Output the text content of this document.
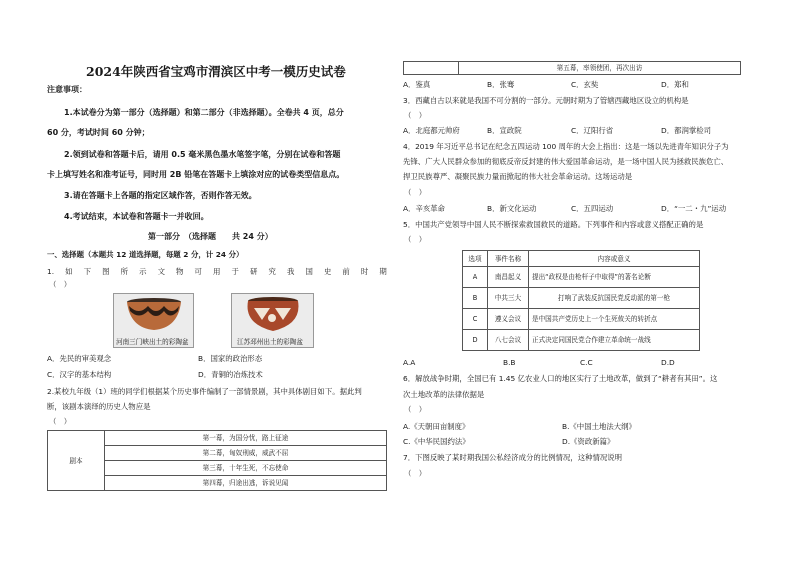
2024年陕西省宝鸡市渭滨区中考一模历史试卷
注意事项：
1.本试卷分为第一部分（选择题）和第二部分（非选择题）。全卷共 4 页，总分
60 分，考试时间 60 分钟；
2.领到试卷和答题卡后，请用 0.5 毫米黑色墨水笔签字笔，分别在试卷和答题
卡上填写姓名和准考证号，同时用 2B 铅笔在答题卡上填涂对应的试卷类型信息点。
3.请在答题卡上各题的指定区域作答，否则作答无效。
4.考试结束，本试卷和答题卡一并收回。
第一部分　（选择题　　共 24 分）
一、选择题（本题共 12 道选择题，每题 2 分，计 24 分）
1. 如 下 图 所 示 文 物 可 用 于 研 究 我 国 史 前 时 期
（　）
河南三门峡出土的彩陶盆	江苏邳州出土的彩陶盆
A．先民的审美观念	B．国家的政治形态
C．汉字的基本结构	D．青铜的冶炼技术
2.某校九年级（1）班的同学们根据某个历史事件编制了一部情景剧，其中具体剧目如下。据此判
断，该剧本演绎的历史人物应是
（　）
剧本	第一幕，为国分忧，路上征途
第二幕，匈奴刑威，威武不屈
第三幕，十年生死，不忘使命
第四幕，归途出逃，诉说见闻
	第五幕，率领使团，再次出访
A．鉴真	B．张骞	C．玄奘	D．郑和
3．西藏自古以来就是我国不可分割的一部分。元朝时期为了管辖西藏地区设立的机构是
（　）
A．北庭都元帅府	B．宣政院	C．辽阳行省	D．都润掌检司
4．2019 年习近平总书记在纪念五四运动 100 周年的大会上指出：这是一场以先进青年知识分子为
先锋、广大人民群众参加的彻底反帝反封建的伟大爱国革命运动，是一场中国人民为拯救民族危亡、
捍卫民族尊严、凝聚民族力量而掀起的伟大社会革命运动。这场运动是
（　）
A．辛亥革命	B．新文化运动	C．五四运动	D．“一二・九”运动
5．中国共产党领导中国人民不断探索救国救民的道路。下列事件和内容或意义搭配正确的是
（　）
选项	事件名称	内容或意义
A	南昌起义	提出“政权是由枪杆子中取得”的著名论断
B	中共三大	打响了武装反抗国民党反动派的第一枪
C	遵义会议	是中国共产党历史上一个生死攸关的转折点
D	八七会议	正式决定同国民党合作建立革命统一战线
A.A	B.B	C.C	D.D
6．解放战争时期，全国已有 1.45 亿农业人口的地区实行了土地改革，做到了“耕者有其田”。这
次土地改革的法律依据是
（　）
A.《天朝田亩制度》	B.《中国土地法大纲》
C.《中华民国约法》	D.《资政新篇》
7．下图反映了某时期我国公私经济成分的比例情况，这种情况说明
（　）
